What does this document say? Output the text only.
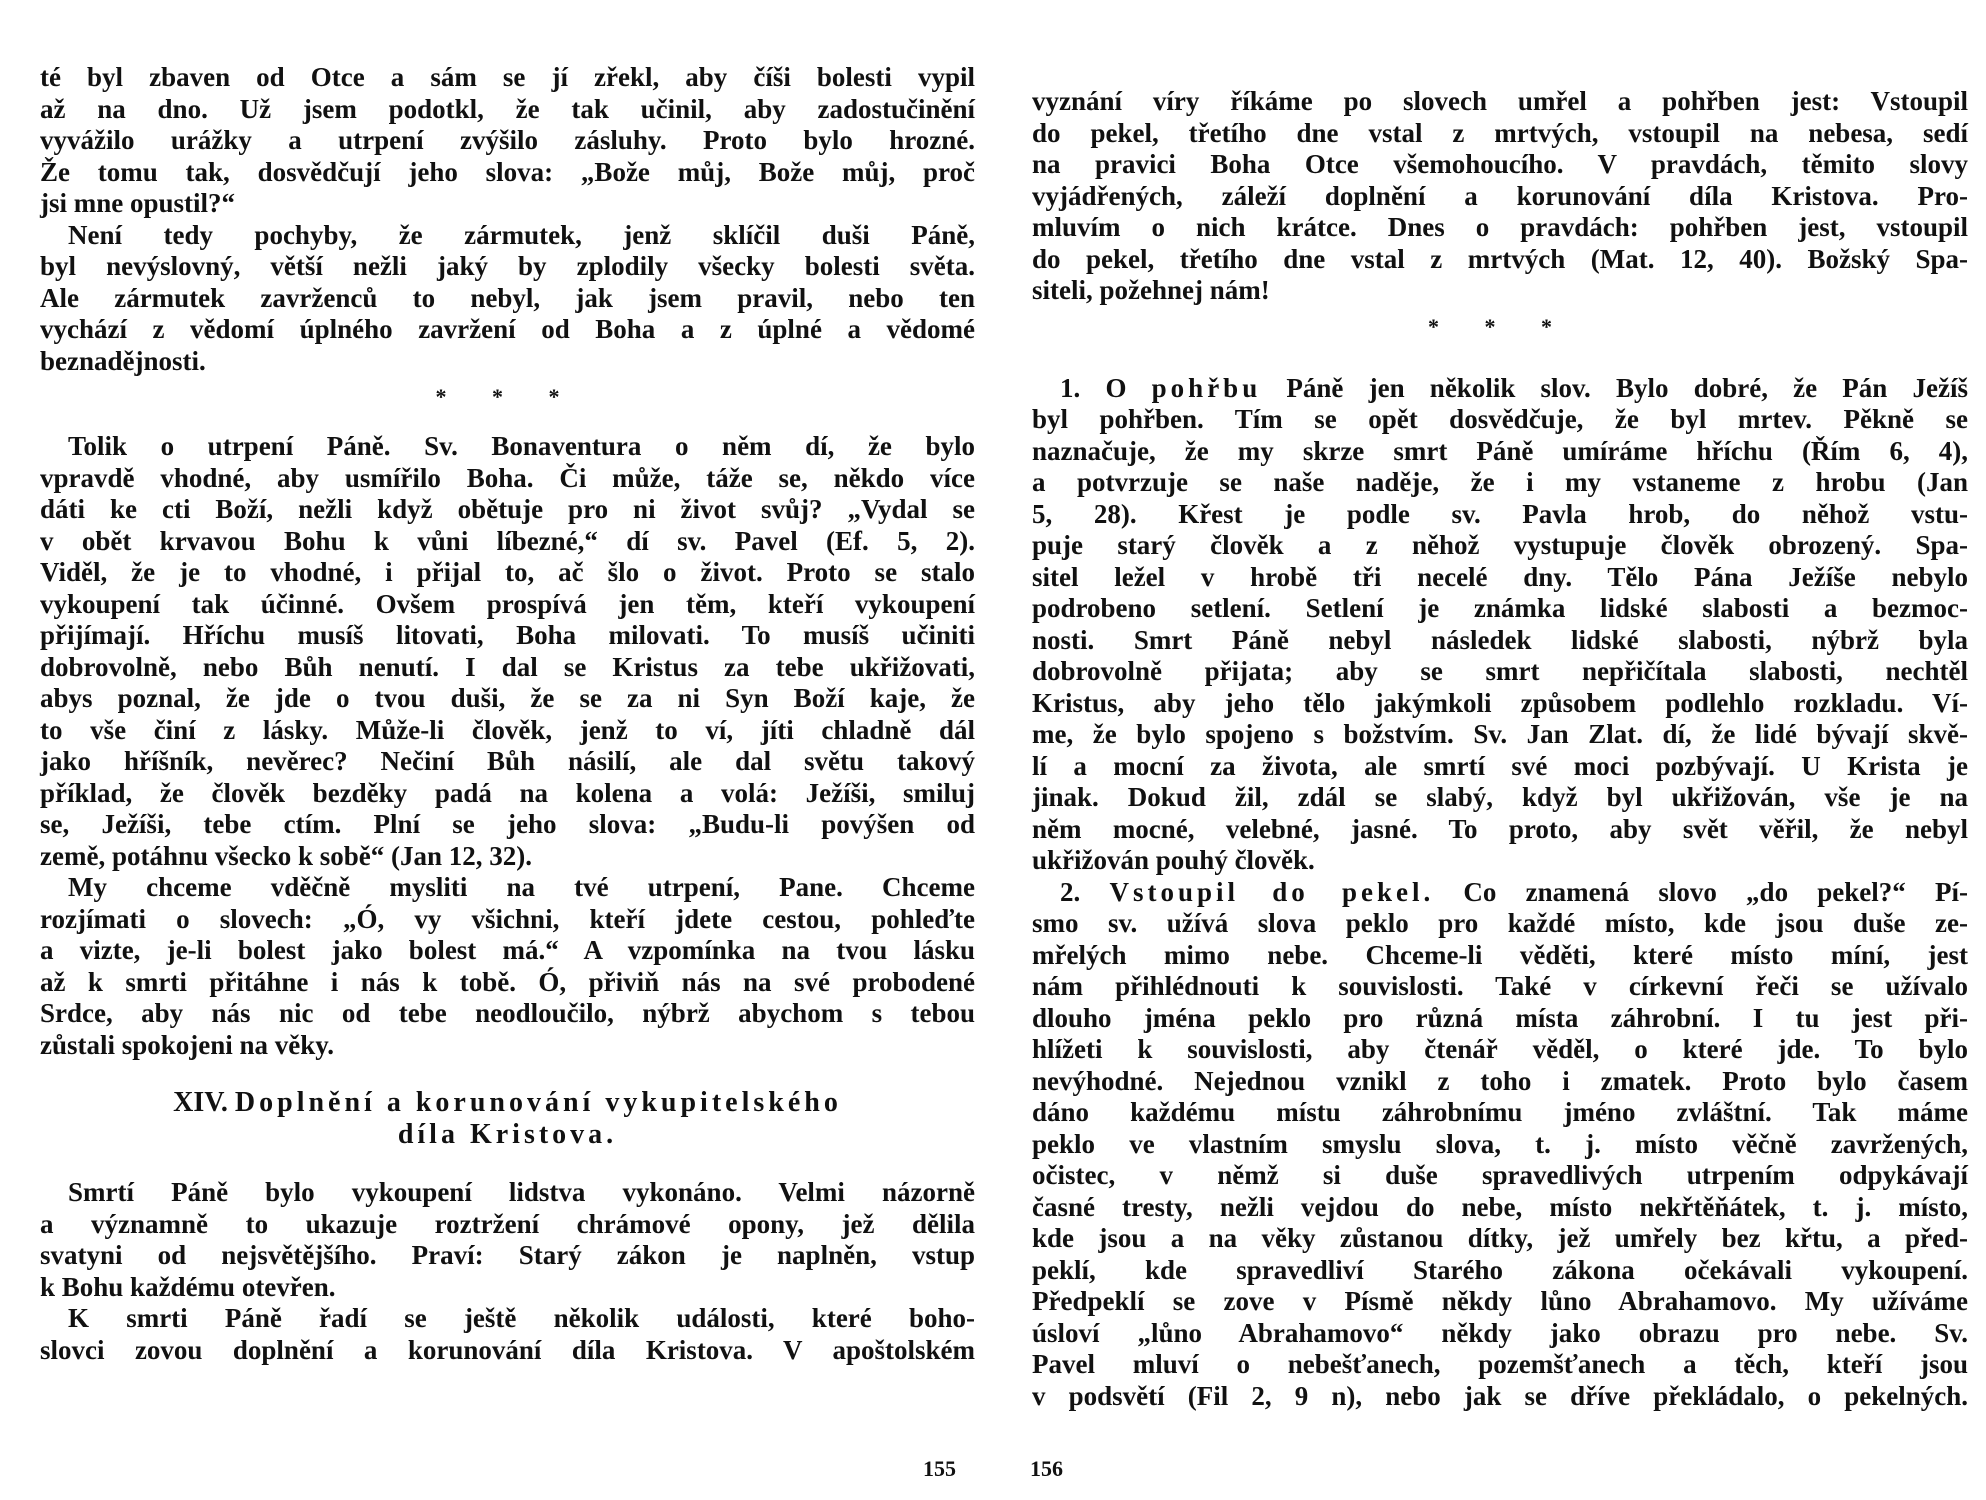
té byl zbaven od Otce a sám se jí zřekl, aby číši bolesti vypil
až na dno. Už jsem podotkl, že tak učinil, aby zadostučinění
vyvážilo urážky a utrpení zvýšilo zásluhy. Proto bylo hrozné.
Že tomu tak, dosvědčují jeho slova: „Bože můj, Bože můj, proč
jsi mne opustil?“
Není tedy pochyby, že zármutek, jenž sklíčil duši Páně,
byl nevýslovný, větší nežli jaký by zplodily všecky bolesti světa.
Ale zármutek zavrženců to nebyl, jak jsem pravil, nebo ten
vychází z vědomí úplného zavržení od Boha a z úplné a vědomé
beznadějnosti.
* * *
Tolik o utrpení Páně. Sv. Bonaventura o něm dí, že bylo
vpravdě vhodné, aby usmířilo Boha. Či může, táže se, někdo více
dáti ke cti Boží, nežli když obětuje pro ni život svůj? „Vydal se
v obět krvavou Bohu k vůni líbezné,“ dí sv. Pavel (Ef. 5, 2).
Viděl, že je to vhodné, i přijal to, ač šlo o život. Proto se stalo
vykoupení tak účinné. Ovšem prospívá jen těm, kteří vykoupení
přijímají. Hříchu musíš litovati, Boha milovati. To musíš učiniti
dobrovolně, nebo Bůh nenutí. I dal se Kristus za tebe ukřižovati,
abys poznal, že jde o tvou duši, že se za ni Syn Boží kaje, že
to vše činí z lásky. Může-li člověk, jenž to ví, jíti chladně dál
jako hříšník, nevěrec? Nečiní Bůh násilí, ale dal světu takový
příklad, že člověk bezděky padá na kolena a volá: Ježíši, smiluj
se, Ježíši, tebe ctím. Plní se jeho slova: „Budu-li povýšen od
země, potáhnu všecko k sobě“ (Jan 12, 32).
My chceme vděčně mysliti na tvé utrpení, Pane. Chceme
rozjímati o slovech: „Ó, vy všichni, kteří jdete cestou, pohleďte
a vizte, je-li bolest jako bolest má.“ A vzpomínka na tvou lásku
až k smrti přitáhne i nás k tobě. Ó, přiviň nás na své probodené
Srdce, aby nás nic od tebe neodloučilo, nýbrž abychom s tebou
zůstali spokojeni na věky.
XIV. Doplnění a korunování vykupitelského
díla Kristova.
Smrtí Páně bylo vykoupení lidstva vykonáno. Velmi názorně
a významně to ukazuje roztržení chrámové opony, jež dělila
svatyni od nejsvětějšího. Praví: Starý zákon je naplněn, vstup
k Bohu každému otevřen.
K smrti Páně řadí se ještě několik události, které boho-
slovci zovou doplnění a korunování díla Kristova. V apoštolském
155
vyznání víry říkáme po slovech umřel a pohřben jest: Vstoupil
do pekel, třetího dne vstal z mrtvých, vstoupil na nebesa, sedí
na pravici Boha Otce všemohoucího. V pravdách, těmito slovy
vyjádřených, záleží doplnění a korunování díla Kristova. Pro-
mluvím o nich krátce. Dnes o pravdách: pohřben jest, vstoupil
do pekel, třetího dne vstal z mrtvých (Mat. 12, 40). Božský Spa-
siteli, požehnej nám!
* * *
1. O pohřbu Páně jen několik slov. Bylo dobré, že Pán Ježíš
byl pohřben. Tím se opět dosvědčuje, že byl mrtev. Pěkně se
naznačuje, že my skrze smrt Páně umíráme hříchu (Řím 6, 4),
a potvrzuje se naše naděje, že i my vstaneme z hrobu (Jan
5, 28). Křest je podle sv. Pavla hrob, do něhož vstu-
puje starý člověk a z něhož vystupuje člověk obrozený. Spa-
sitel ležel v hrobě tři necelé dny. Tělo Pána Ježíše nebylo
podrobeno setlení. Setlení je známka lidské slabosti a bezmoc-
nosti. Smrt Páně nebyl následek lidské slabosti, nýbrž byla
dobrovolně přijata; aby se smrt nepřičítala slabosti, nechtěl
Kristus, aby jeho tělo jakýmkoli způsobem podlehlo rozkladu. Ví-
me, že bylo spojeno s božstvím. Sv. Jan Zlat. dí, že lidé bývají skvě-
lí a mocní za života, ale smrtí své moci pozbývají. U Krista je
jinak. Dokud žil, zdál se slabý, když byl ukřižován, vše je na
něm mocné, velebné, jasné. To proto, aby svět věřil, že nebyl
ukřižován pouhý člověk.
2. Vstoupil do pekel. Co znamená slovo „do pekel?“ Pí-
smo sv. užívá slova peklo pro každé místo, kde jsou duše ze-
mřelých mimo nebe. Chceme-li věděti, které místo míní, jest
nám přihlédnouti k souvislosti. Také v církevní řeči se užívalo
dlouho jména peklo pro různá místa záhrobní. I tu jest při-
hlížeti k souvislosti, aby čtenář věděl, o které jde. To bylo
nevýhodné. Nejednou vznikl z toho i zmatek. Proto bylo časem
dáno každému místu záhrobnímu jméno zvláštní. Tak máme
peklo ve vlastním smyslu slova, t. j. místo věčně zavržených,
očistec, v němž si duše spravedlivých utrpením odpykávají
časné tresty, nežli vejdou do nebe, místo nekřtěňátek, t. j. místo,
kde jsou a na věky zůstanou dítky, jež umřely bez křtu, a před-
peklí, kde spravedliví Starého zákona očekávali vykoupení.
Předpeklí se zove v Písmě někdy lůno Abrahamovo. My užíváme
úsloví „lůno Abrahamovo“ někdy jako obrazu pro nebe. Sv.
Pavel mluví o nebešťanech, pozemšťanech a těch, kteří jsou
v podsvětí (Fil 2, 9 n), nebo jak se dříve překládalo, o pekelných.
156
